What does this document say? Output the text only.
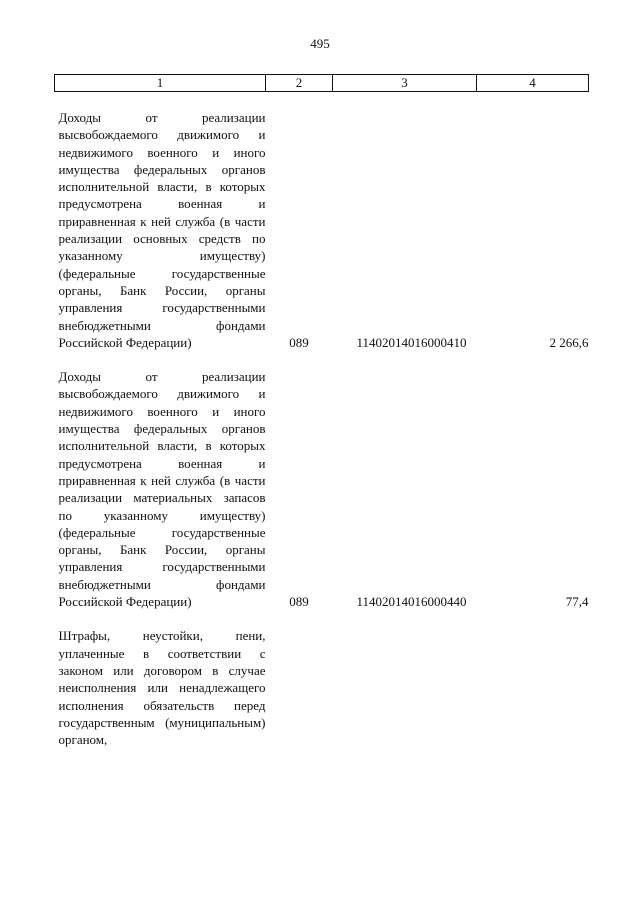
495
1	2	3	4
Доходы от реализации высвобождаемого движимого и недвижимого военного и иного имущества федеральных органов исполнительной власти, в которых предусмотрена военная и приравненная к ней служба (в части реализации основных средств по указанному имуществу) (федеральные государственные органы, Банк России, органы управления государственными внебюджетными фондами Российской Федерации)	089	11402014016000410	2 266,6
Доходы от реализации высвобождаемого движимого и недвижимого военного и иного имущества федеральных органов исполнительной власти, в которых предусмотрена военная и приравненная к ней служба (в части реализации материальных запасов по указанному имуществу) (федеральные государственные органы, Банк России, органы управления государственными внебюджетными фондами Российской Федерации)	089	11402014016000440	77,4
Штрафы, неустойки, пени, уплаченные в соответствии с законом или договором в случае неисполнения или ненадлежащего исполнения обязательств перед государственным (муниципальным) органом,			
